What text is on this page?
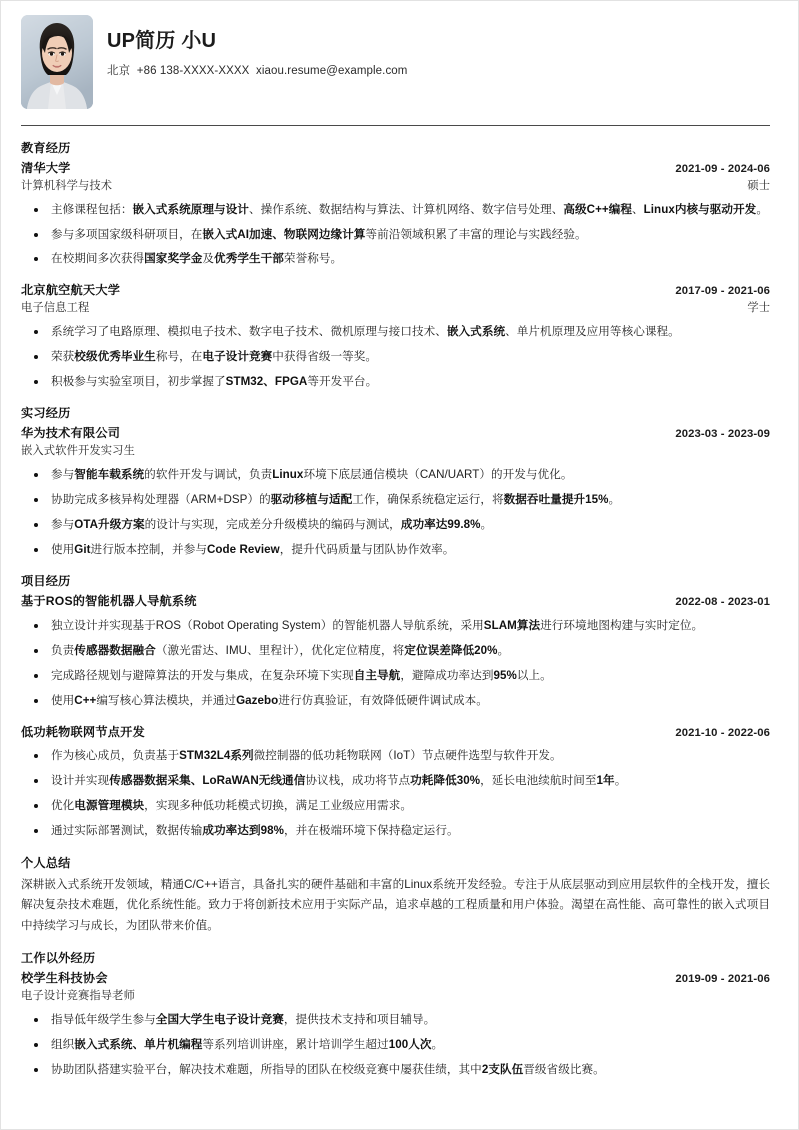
UP简历 小U
北京  +86 138-XXXX-XXXX  xiaou.resume@example.com
教育经历
清华大学	2021-09 - 2024-06
计算机科学与技术	硕士
主修课程包括：嵌入式系统原理与设计、操作系统、数据结构与算法、计算机网络、数字信号处理、高级C++编程、Linux内核与驱动开发。
参与多项国家级科研项目，在嵌入式AI加速、物联网边缘计算等前沿领域积累了丰富的理论与实践经验。
在校期间多次获得国家奖学金及优秀学生干部荣誉称号。
北京航空航天大学	2017-09 - 2021-06
电子信息工程	学士
系统学习了电路原理、模拟电子技术、数字电子技术、微机原理与接口技术、嵌入式系统、单片机原理及应用等核心课程。
荣获校级优秀毕业生称号，在电子设计竞赛中获得省级一等奖。
积极参与实验室项目，初步掌握了STM32、FPGA等开发平台。
实习经历
华为技术有限公司	2023-03 - 2023-09
嵌入式软件开发实习生
参与智能车载系统的软件开发与调试，负责Linux环境下底层通信模块（CAN/UART）的开发与优化。
协助完成多核异构处理器（ARM+DSP）的驱动移植与适配工作，确保系统稳定运行，将数据吞吐量提升15%。
参与OTA升级方案的设计与实现，完成差分升级模块的编码与测试，成功率达99.8%。
使用Git进行版本控制，并参与Code Review，提升代码质量与团队协作效率。
项目经历
基于ROS的智能机器人导航系统	2022-08 - 2023-01
独立设计并实现基于ROS（Robot Operating System）的智能机器人导航系统，采用SLAM算法进行环境地图构建与实时定位。
负责传感器数据融合（激光雷达、IMU、里程计），优化定位精度，将定位误差降低20%。
完成路径规划与避障算法的开发与集成，在复杂环境下实现自主导航，避障成功率达到95%以上。
使用C++编写核心算法模块，并通过Gazebo进行仿真验证，有效降低硬件调试成本。
低功耗物联网节点开发	2021-10 - 2022-06
作为核心成员，负责基于STM32L4系列微控制器的低功耗物联网（IoT）节点硬件选型与软件开发。
设计并实现传感器数据采集、LoRaWAN无线通信协议栈，成功将节点功耗降低30%，延长电池续航时间至1年。
优化电源管理模块，实现多种低功耗模式切换，满足工业级应用需求。
通过实际部署测试，数据传输成功率达到98%，并在极端环境下保持稳定运行。
个人总结
深耕嵌入式系统开发领域，精通C/C++语言，具备扎实的硬件基础和丰富的Linux系统开发经验。专注于从底层驱动到应用层软件的全栈开发，擅长解决复杂技术难题，优化系统性能。致力于将创新技术应用于实际产品，追求卓越的工程质量和用户体验。渴望在高性能、高可靠性的嵌入式项目中持续学习与成长，为团队带来价值。
工作以外经历
校学生科技协会	2019-09 - 2021-06
电子设计竞赛指导老师
指导低年级学生参与全国大学生电子设计竞赛，提供技术支持和项目辅导。
组织嵌入式系统、单片机编程等系列培训讲座，累计培训学生超过100人次。
协助团队搭建实验平台，解决技术难题，所指导的团队在校级竞赛中屡获佳绩，其中2支队伍晋级省级比赛。
